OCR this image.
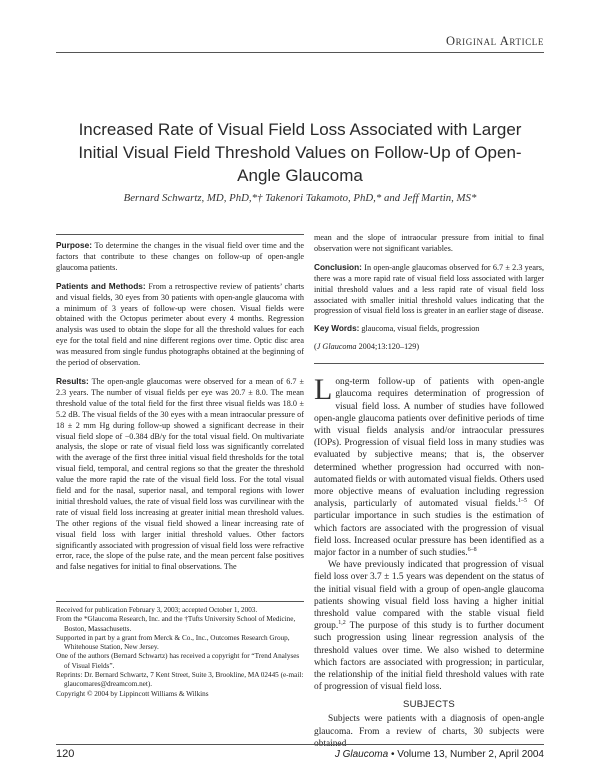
Original Article
Increased Rate of Visual Field Loss Associated with Larger Initial Visual Field Threshold Values on Follow-Up of Open-Angle Glaucoma
Bernard Schwartz, MD, PhD,*† Takenori Takamoto, PhD,* and Jeff Martin, MS*

Purpose: To determine the changes in the visual field over time and the factors that contribute to these changes on follow-up of open-angle glaucoma patients.

Patients and Methods: From a retrospective review of patients’ charts and visual fields, 30 eyes from 30 patients with open-angle glaucoma with a minimum of 3 years of follow-up were chosen. Visual fields were obtained with the Octopus perimeter about every 4 months. Regression analysis was used to obtain the slope for all the threshold values for each eye for the total field and nine different regions over time. Optic disc area was measured from single fundus photographs obtained at the beginning of the period of observation.

Results: The open-angle glaucomas were observed for a mean of 6.7 ± 2.3 years. The number of visual fields per eye was 20.7 ± 8.0. The mean threshold value of the total field for the first three visual fields was 18.0 ± 5.2 dB. The visual fields of the 30 eyes with a mean intraocular pressure of 18 ± 2 mm Hg during follow-up showed a significant decrease in their visual field slope of −0.384 dB/y for the total visual field. On multivariate analysis, the slope or rate of visual field loss was significantly correlated with the average of the first three initial visual field thresholds for the total visual field, temporal, and central regions so that the greater the threshold value the more rapid the rate of the visual field loss. For the total visual field and for the nasal, superior nasal, and temporal regions with lower initial threshold values, the rate of visual field loss was curvilinear with the rate of visual field loss increasing at greater initial mean threshold values. The other regions of the visual field showed a linear increasing rate of visual field loss with larger initial threshold values. Other factors significantly associated with progression of visual field loss were refractive error, race, the slope of the pulse rate, and the mean percent false positives and false negatives for initial to final observations. The

Received for publication February 3, 2003; accepted October 1, 2003.

From the *Glaucoma Research, Inc. and the †Tufts University School of Medicine, Boston, Massachusetts.

Supported in part by a grant from Merck & Co., Inc., Outcomes Research Group, Whitehouse Station, New Jersey.

One of the authors (Bernard Schwartz) has received a copyright for “Trend Analyses of Visual Fields”.

Reprints: Dr. Bernard Schwartz, 7 Kent Street, Suite 3, Brookline, MA 02445 (e-mail: glaucomares@dreamcom.net).

Copyright © 2004 by Lippincott Williams & Wilkins

mean and the slope of intraocular pressure from initial to final observation were not significant variables.

Conclusion: In open-angle glaucomas observed for 6.7 ± 2.3 years, there was a more rapid rate of visual field loss associated with larger initial threshold values and a less rapid rate of visual field loss associated with smaller initial threshold values indicating that the progression of visual field loss is greater in an earlier stage of disease.

Key Words: glaucoma, visual fields, progression

(J Glaucoma 2004;13:120–129)

Long-term follow-up of patients with open-angle glaucoma requires determination of progression of visual field loss. A number of studies have followed open-angle glaucoma patients over definitive periods of time with visual fields analysis and/or intraocular pressures (IOPs). Progression of visual field loss in many studies was evaluated by subjective means; that is, the observer determined whether progression had occurred with non-automated fields or with automated visual fields. Others used more objective means of evaluation including regression analysis, particularly of automated visual fields.$^{1-5}$ Of particular importance in such studies is the estimation of which factors are associated with the progression of visual field loss. Increased ocular pressure has been identified as a major factor in a number of such studies.$^{6-8}$

We have previously indicated that progression of visual field loss over 3.7 ± 1.5 years was dependent on the status of the initial visual field with a group of open-angle glaucoma patients showing visual field loss having a higher initial threshold value compared with the stable visual field group.$^{1,2}$ The purpose of this study is to further document such progression using linear regression analysis of the threshold values over time. We also wished to determine which factors are associated with progression; in particular, the relationship of the initial field threshold values with rate of progression of visual field loss.

SUBJECTS

Subjects were patients with a diagnosis of open-angle glaucoma. From a review of charts, 30 subjects were obtained

120	J Glaucoma • Volume 13, Number 2, April 2004
